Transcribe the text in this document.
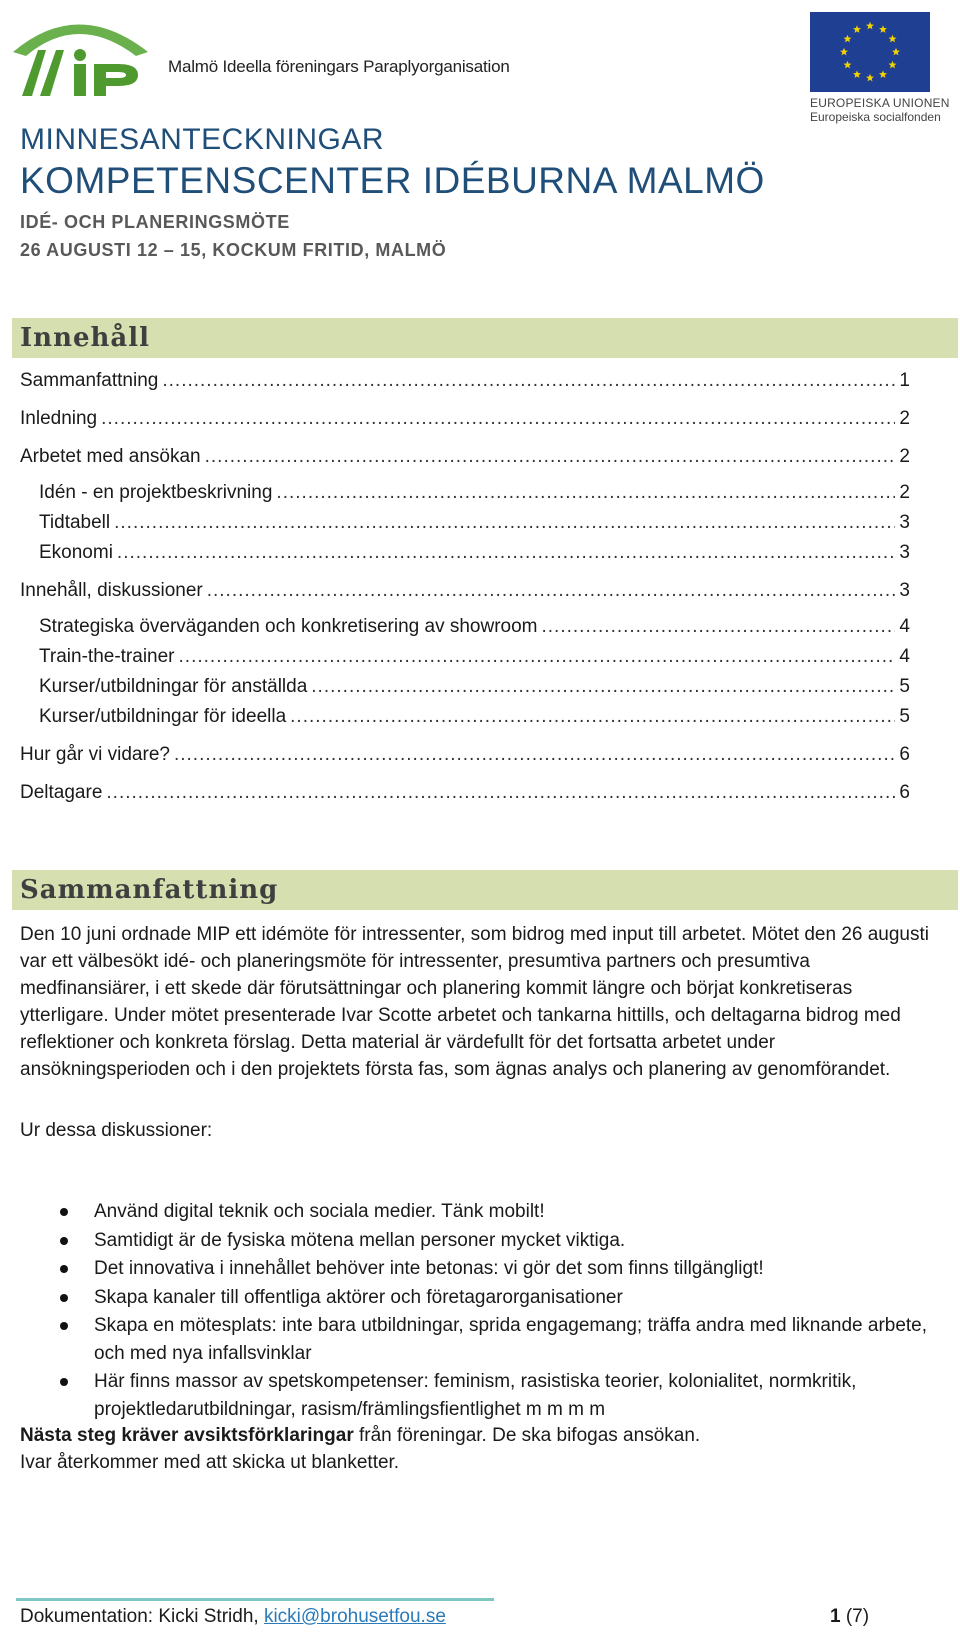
Malmö Ideella föreningars Paraplyorganisation
EUROPEISKA UNIONEN
Europeiska socialfonden
MINNESANTECKNINGAR
KOMPETENSCENTER IDÉBURNA MALMÖ
IDÉ- OCH PLANERINGSMÖTE
26 AUGUSTI 12 – 15, KOCKUM FRITID, MALMÖ
Innehåll
Sammanfattning .....	1
Inledning .....	2
Arbetet med ansökan .....	2
Idén - en projektbeskrivning .....	2
Tidtabell .....	3
Ekonomi .....	3
Innehåll, diskussioner .....	3
Strategiska överväganden och konkretisering av showroom .....	4
Train-the-trainer .....	4
Kurser/utbildningar för anställda .....	5
Kurser/utbildningar för ideella .....	5
Hur går vi vidare? .....	6
Deltagare .....	6
Sammanfattning
Den 10 juni ordnade MIP ett idémöte för intressenter, som bidrog med input till arbetet. Mötet den 26 augusti var ett välbesökt idé- och planeringsmöte för intressenter, presumtiva partners och presumtiva medfinansiärer, i ett skede där förutsättningar och planering kommit längre och börjat konkretiseras ytterligare. Under mötet presenterade Ivar Scotte arbetet och tankarna hittills, och deltagarna bidrog med reflektioner och konkreta förslag. Detta material är värdefullt för det fortsatta arbetet under ansökningsperioden och i den projektets första fas, som ägnas analys och planering av genomförandet.
Ur dessa diskussioner:
Använd digital teknik och sociala medier. Tänk mobilt!
Samtidigt är de fysiska mötena mellan personer mycket viktiga.
Det innovativa i innehållet behöver inte betonas: vi gör det som finns tillgängligt!
Skapa kanaler till offentliga aktörer och företagarorganisationer
Skapa en mötesplats: inte bara utbildningar, sprida engagemang; träffa andra med liknande arbete, och med nya infallsvinklar
Här finns massor av spetskompetenser: feminism, rasistiska teorier, kolonialitet, normkritik, projektledarutbildningar, rasism/främlingsfientlighet m m m m
Nästa steg kräver avsiktsförklaringar från föreningar. De ska bifogas ansökan.
Ivar återkommer med att skicka ut blanketter.
Dokumentation: Kicki Stridh, kicki@brohusetfou.se	1 (7)
